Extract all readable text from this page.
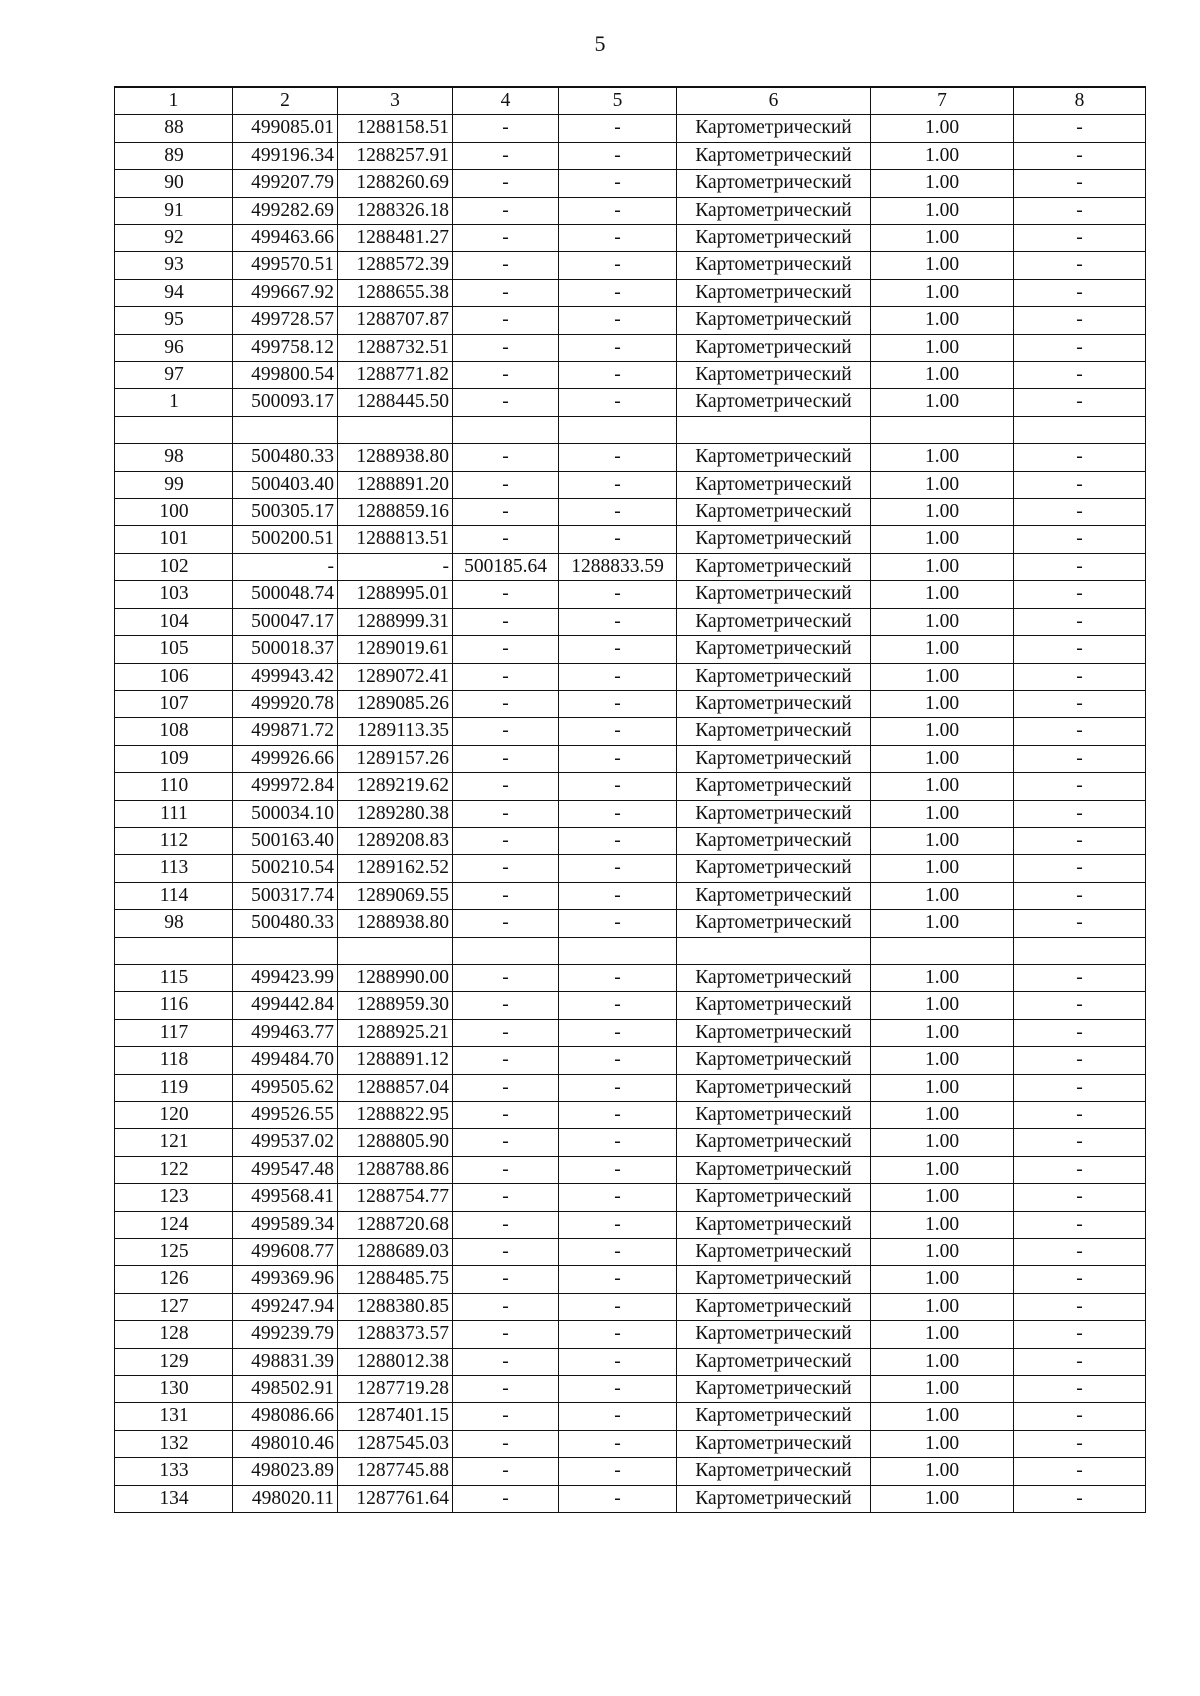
5
1	2	3	4	5	6	7	8
88	499085.01	1288158.51	-	-	Картометрический	1.00	-
89	499196.34	1288257.91	-	-	Картометрический	1.00	-
90	499207.79	1288260.69	-	-	Картометрический	1.00	-
91	499282.69	1288326.18	-	-	Картометрический	1.00	-
92	499463.66	1288481.27	-	-	Картометрический	1.00	-
93	499570.51	1288572.39	-	-	Картометрический	1.00	-
94	499667.92	1288655.38	-	-	Картометрический	1.00	-
95	499728.57	1288707.87	-	-	Картометрический	1.00	-
96	499758.12	1288732.51	-	-	Картометрический	1.00	-
97	499800.54	1288771.82	-	-	Картометрический	1.00	-
1	500093.17	1288445.50	-	-	Картометрический	1.00	-

98	500480.33	1288938.80	-	-	Картометрический	1.00	-
99	500403.40	1288891.20	-	-	Картометрический	1.00	-
100	500305.17	1288859.16	-	-	Картометрический	1.00	-
101	500200.51	1288813.51	-	-	Картометрический	1.00	-
102	-	-	500185.64	1288833.59	Картометрический	1.00	-
103	500048.74	1288995.01	-	-	Картометрический	1.00	-
104	500047.17	1288999.31	-	-	Картометрический	1.00	-
105	500018.37	1289019.61	-	-	Картометрический	1.00	-
106	499943.42	1289072.41	-	-	Картометрический	1.00	-
107	499920.78	1289085.26	-	-	Картометрический	1.00	-
108	499871.72	1289113.35	-	-	Картометрический	1.00	-
109	499926.66	1289157.26	-	-	Картометрический	1.00	-
110	499972.84	1289219.62	-	-	Картометрический	1.00	-
111	500034.10	1289280.38	-	-	Картометрический	1.00	-
112	500163.40	1289208.83	-	-	Картометрический	1.00	-
113	500210.54	1289162.52	-	-	Картометрический	1.00	-
114	500317.74	1289069.55	-	-	Картометрический	1.00	-
98	500480.33	1288938.80	-	-	Картометрический	1.00	-

115	499423.99	1288990.00	-	-	Картометрический	1.00	-
116	499442.84	1288959.30	-	-	Картометрический	1.00	-
117	499463.77	1288925.21	-	-	Картометрический	1.00	-
118	499484.70	1288891.12	-	-	Картометрический	1.00	-
119	499505.62	1288857.04	-	-	Картометрический	1.00	-
120	499526.55	1288822.95	-	-	Картометрический	1.00	-
121	499537.02	1288805.90	-	-	Картометрический	1.00	-
122	499547.48	1288788.86	-	-	Картометрический	1.00	-
123	499568.41	1288754.77	-	-	Картометрический	1.00	-
124	499589.34	1288720.68	-	-	Картометрический	1.00	-
125	499608.77	1288689.03	-	-	Картометрический	1.00	-
126	499369.96	1288485.75	-	-	Картометрический	1.00	-
127	499247.94	1288380.85	-	-	Картометрический	1.00	-
128	499239.79	1288373.57	-	-	Картометрический	1.00	-
129	498831.39	1288012.38	-	-	Картометрический	1.00	-
130	498502.91	1287719.28	-	-	Картометрический	1.00	-
131	498086.66	1287401.15	-	-	Картометрический	1.00	-
132	498010.46	1287545.03	-	-	Картометрический	1.00	-
133	498023.89	1287745.88	-	-	Картометрический	1.00	-
134	498020.11	1287761.64	-	-	Картометрический	1.00	-
